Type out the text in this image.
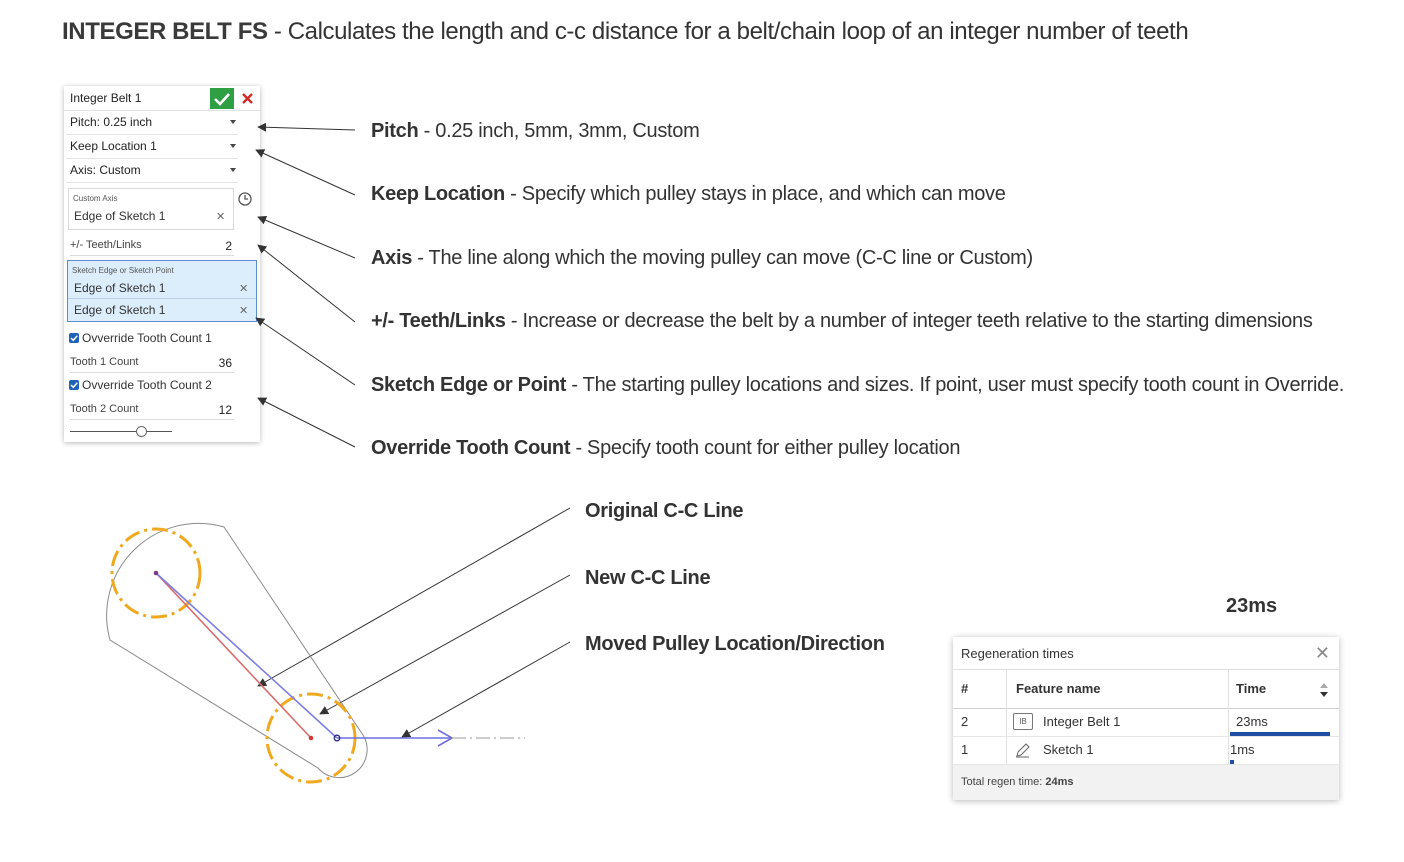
INTEGER BELT FS - Calculates the length and c-c distance for a belt/chain loop of an integer number of teeth
Integer Belt 1
Pitch: 0.25 inch
Keep Location 1
Axis: Custom
Custom Axis
Edge of Sketch 1	✕
+/- Teeth/Links	2
Sketch Edge or Sketch Point
Edge of Sketch 1	✕
Edge of Sketch 1	✕
Ovverride Tooth Count 1
Tooth 1 Count	36
Ovverride Tooth Count 2
Tooth 2 Count	12
Pitch - 0.25 inch, 5mm, 3mm, Custom
Keep Location - Specify which pulley stays in place, and which can move
Axis - The line along which the moving pulley can move (C-C line or Custom)
+/- Teeth/Links - Increase or decrease the belt by a number of integer teeth relative to the starting dimensions
Sketch Edge or Point - The starting pulley locations and sizes. If point, user must specify tooth count in Override.
Override Tooth Count - Specify tooth count for either pulley location
Original C-C Line
New C-C Line
Moved Pulley Location/Direction
23ms
Regeneration times	✕
#	Feature name	Time
2	IB	Integer Belt 1	23ms
1	Sketch 1	1ms
Total regen time: 24ms
